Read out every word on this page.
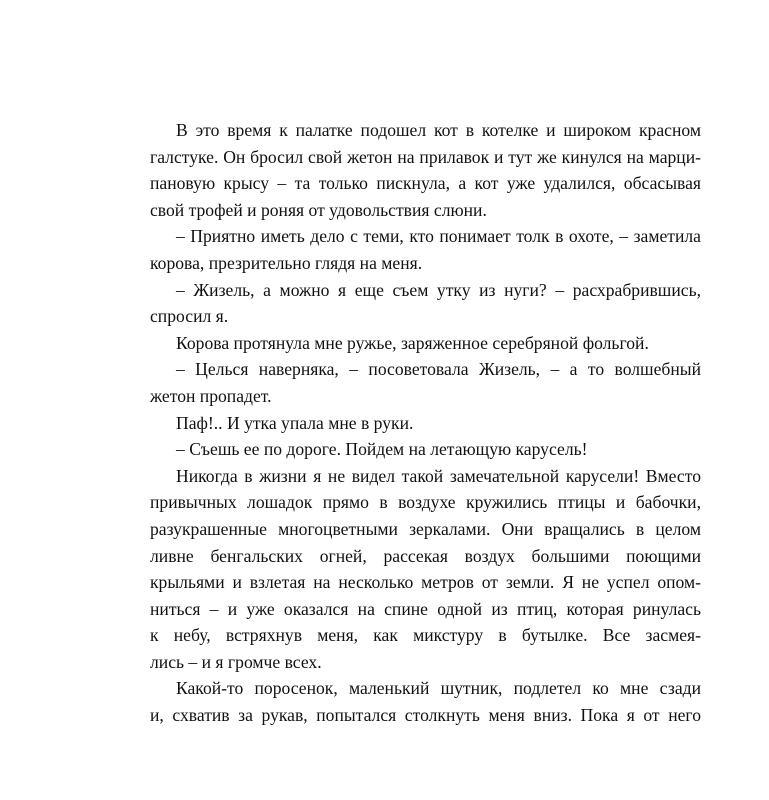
В это время к палатке подошел кот в котелке и широком красном
галстуке. Он бросил свой жетон на прилавок и тут же кинулся на марци-
пановую крысу – та только пискнула, а кот уже удалился, обсасывая
свой трофей и роняя от удовольствия слюни.
– Приятно иметь дело с теми, кто понимает толк в охоте, – заметила
корова, презрительно глядя на меня.
– Жизель, а можно я еще съем утку из нуги? – расхрабрившись,
спросил я.
Корова протянула мне ружье, заряженное серебряной фольгой.
– Целься наверняка, – посоветовала Жизель, – а то волшебный
жетон пропадет.
Паф!.. И утка упала мне в руки.
– Съешь ее по дороге. Пойдем на летающую карусель!
Никогда в жизни я не видел такой замечательной карусели! Вместо
привычных лошадок прямо в воздухе кружились птицы и бабочки,
разукрашенные многоцветными зеркалами. Они вращались в целом
ливне бенгальских огней, рассекая воздух большими поющими
крыльями и взлетая на несколько метров от земли. Я не успел опом-
ниться – и уже оказался на спине одной из птиц, которая ринулась
к небу, встряхнув меня, как микстуру в бутылке. Все засмея-
лись – и я громче всех.
Какой-то поросенок, маленький шутник, подлетел ко мне сзади
и, схватив за рукав, попытался столкнуть меня вниз. Пока я от него
